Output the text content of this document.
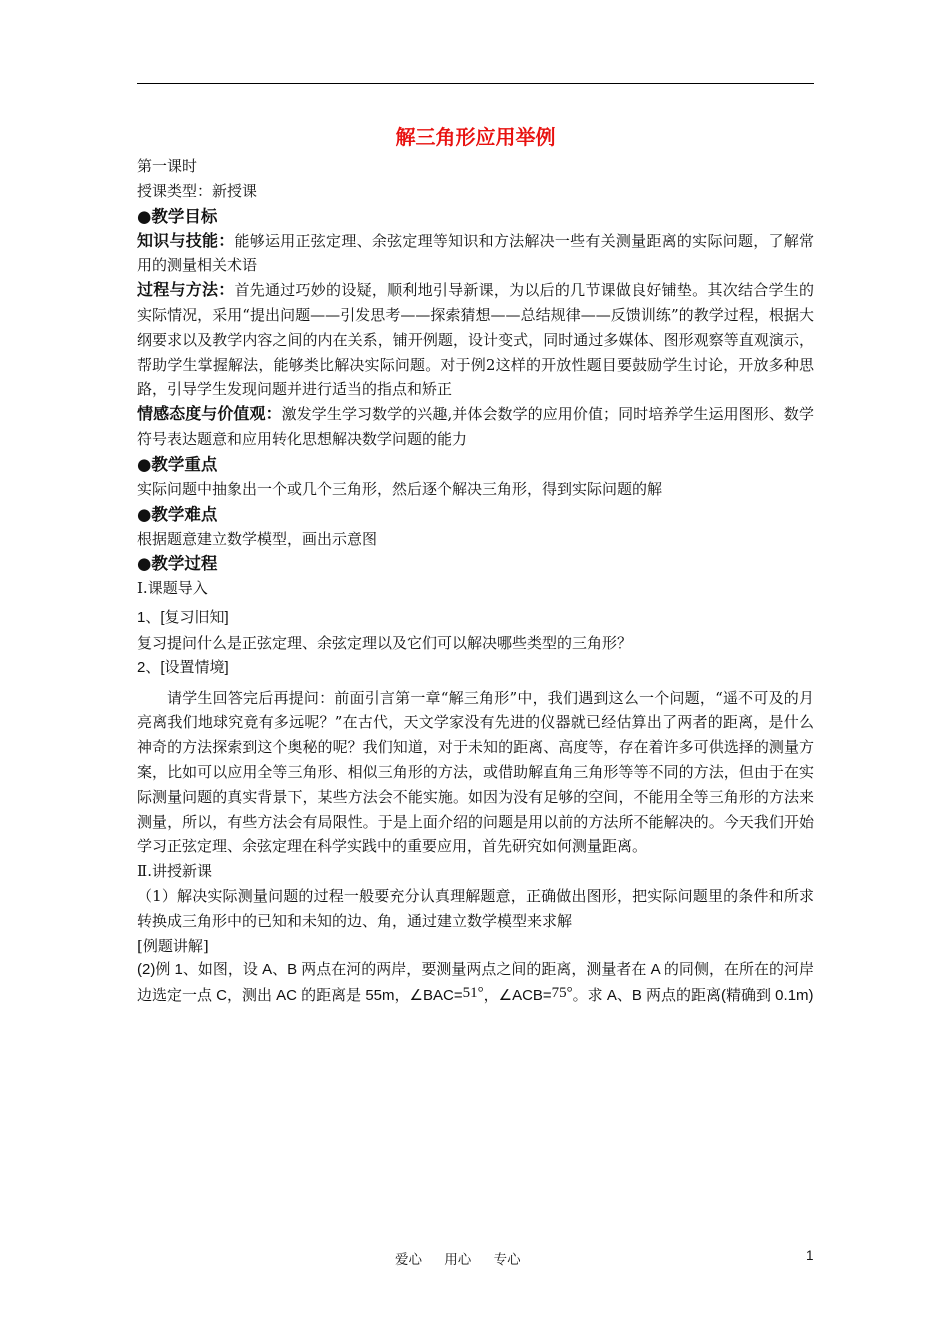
解三角形应用举例

第一课时

授课类型：新授课

●教学目标

知识与技能：能够运用正弦定理、余弦定理等知识和方法解决一些有关测量距离的实际问题，了解常用的测量相关术语

过程与方法：首先通过巧妙的设疑，顺利地引导新课，为以后的几节课做良好铺垫。其次结合学生的实际情况，采用“提出问题——引发思考——探索猜想——总结规律——反馈训练”的教学过程，根据大纲要求以及教学内容之间的内在关系，铺开例题，设计变式，同时通过多媒体、图形观察等直观演示，帮助学生掌握解法，能够类比解决实际问题。对于例2这样的开放性题目要鼓励学生讨论，开放多种思路，引导学生发现问题并进行适当的指点和矫正

情感态度与价值观：激发学生学习数学的兴趣,并体会数学的应用价值；同时培养学生运用图形、数学符号表达题意和应用转化思想解决数学问题的能力

●教学重点

实际问题中抽象出一个或几个三角形，然后逐个解决三角形，得到实际问题的解

●教学难点

根据题意建立数学模型，画出示意图

●教学过程

Ⅰ.课题导入

1、[复习旧知]

复习提问什么是正弦定理、余弦定理以及它们可以解决哪些类型的三角形？

2、[设置情境]

请学生回答完后再提问：前面引言第一章“解三角形”中，我们遇到这么一个问题，“遥不可及的月亮离我们地球究竟有多远呢？”在古代，天文学家没有先进的仪器就已经估算出了两者的距离，是什么神奇的方法探索到这个奥秘的呢？我们知道，对于未知的距离、高度等，存在着许多可供选择的测量方案，比如可以应用全等三角形、相似三角形的方法，或借助解直角三角形等等不同的方法，但由于在实际测量问题的真实背景下，某些方法会不能实施。如因为没有足够的空间，不能用全等三角形的方法来测量，所以，有些方法会有局限性。于是上面介绍的问题是用以前的方法所不能解决的。今天我们开始学习正弦定理、余弦定理在科学实践中的重要应用，首先研究如何测量距离。

Ⅱ.讲授新课

（1）解决实际测量问题的过程一般要充分认真理解题意，正确做出图形，把实际问题里的条件和所求转换成三角形中的已知和未知的边、角，通过建立数学模型来求解

[例题讲解]

(2)例 1、如图，设 A、B 两点在河的两岸，要测量两点之间的距离，测量者在 A 的同侧，在所在的河岸边选定一点 C，测出 AC 的距离是 55m，∠BAC=51°，∠ACB=75°。求 A、B 两点的距离(精确到 0.1m)

爱心 用心 专心	1
